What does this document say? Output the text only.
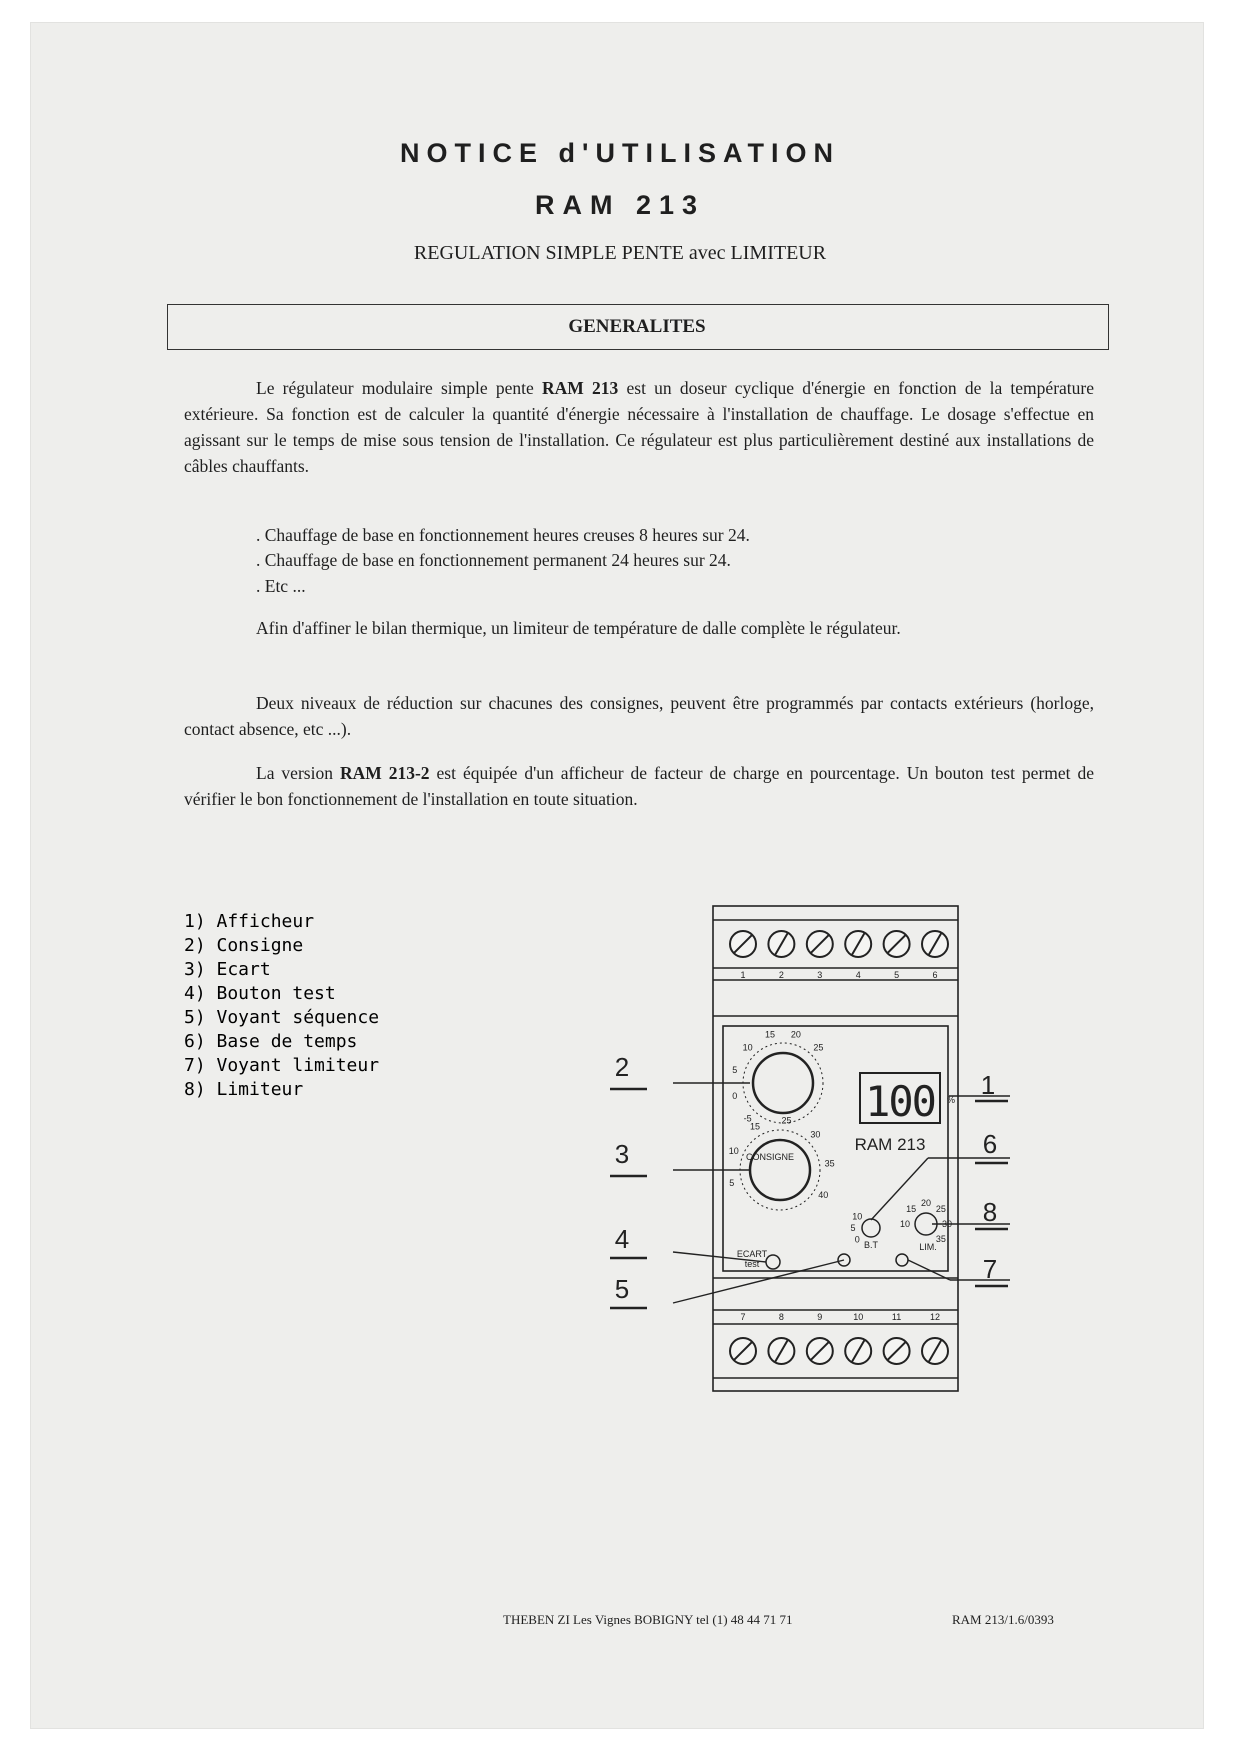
NOTICE d'UTILISATION
RAM 213
REGULATION SIMPLE PENTE avec LIMITEUR
GENERALITES
Le régulateur modulaire simple pente RAM 213 est un doseur cyclique d'énergie en fonction de la température extérieure. Sa fonction est de calculer la quantité d'énergie nécessaire à l'installation de chauffage. Le dosage s'effectue en agissant sur le temps de mise sous tension de l'installation. Ce régulateur est plus particulièrement destiné aux installations de câbles chauffants.
. Chauffage de base en fonctionnement heures creuses 8 heures sur 24.
. Chauffage de base en fonctionnement permanent 24 heures sur 24.
. Etc ...
Afin d'affiner le bilan thermique, un limiteur de température de dalle complète le régulateur.
Deux niveaux de réduction sur chacunes des consignes, peuvent être programmés par contacts extérieurs (horloge, contact absence, etc ...).
La version RAM 213-2 est équipée d'un afficheur de facteur de charge en pourcentage. Un bouton test permet de vérifier le bon fonctionnement de l'installation en toute situation.
1) Afficheur
2) Consigne
3) Ecart
4) Bouton test
5) Voyant séquence
6) Base de temps
7) Voyant limiteur
8) Limiteur	100 %
RAM 213
CONSIGNE
ECART
test
B.T	LIM.
-5
0
5
10
15 20
25
5
10
15
25
30
35
40
0
5
10
10
15
20
25
30
35
1
2
3
4
5
6
7
8
1	2	3	4	5	6
7	8	9	10	11	12
THEBEN ZI Les Vignes BOBIGNY tel (1) 48 44 71 71	RAM 213/1.6/0393
